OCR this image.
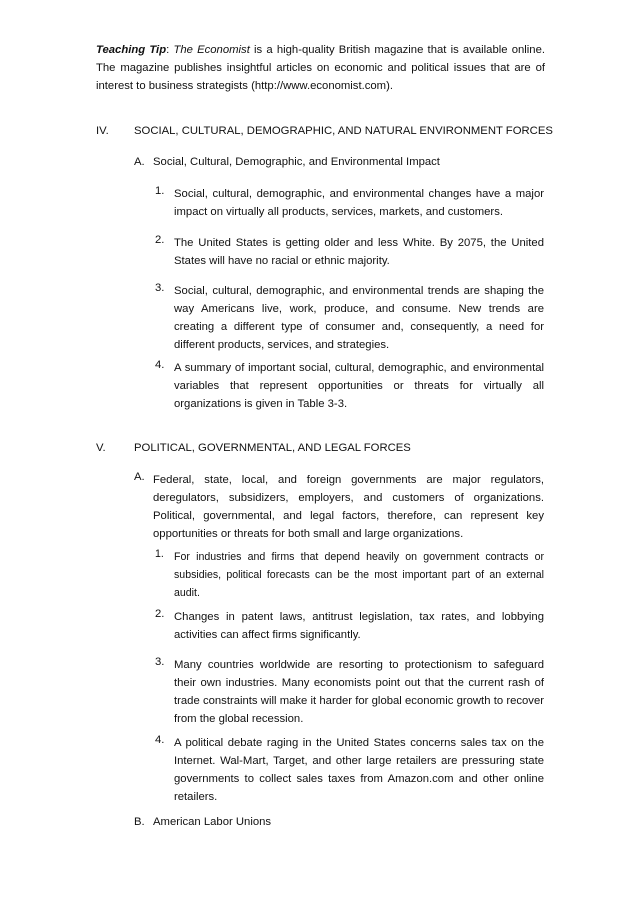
Teaching Tip: The Economist is a high-quality British magazine that is available online. The magazine publishes insightful articles on economic and political issues that are of interest to business strategists (http://www.economist.com).
IV. SOCIAL, CULTURAL, DEMOGRAPHIC, AND NATURAL ENVIRONMENT FORCES
A. Social, Cultural, Demographic, and Environmental Impact
1. Social, cultural, demographic, and environmental changes have a major impact on virtually all products, services, markets, and customers.
2. The United States is getting older and less White. By 2075, the United States will have no racial or ethnic majority.
3. Social, cultural, demographic, and environmental trends are shaping the way Americans live, work, produce, and consume. New trends are creating a different type of consumer and, consequently, a need for different products, services, and strategies.
4. A summary of important social, cultural, demographic, and environmental variables that represent opportunities or threats for virtually all organizations is given in Table 3-3.
V.	POLITICAL, GOVERNMENTAL, AND LEGAL FORCES
A. Federal, state, local, and foreign governments are major regulators, deregulators, subsidizers, employers, and customers of organizations. Political, governmental, and legal factors, therefore, can represent key opportunities or threats for both small and large organizations.
1. For industries and firms that depend heavily on government contracts or subsidies, political forecasts can be the most important part of an external audit.
2. Changes in patent laws, antitrust legislation, tax rates, and lobbying activities can affect firms significantly.
3. Many countries worldwide are resorting to protectionism to safeguard their own industries. Many economists point out that the current rash of trade constraints will make it harder for global economic growth to recover from the global recession.
4. A political debate raging in the United States concerns sales tax on the Internet. Wal-Mart, Target, and other large retailers are pressuring state governments to collect sales taxes from Amazon.com and other online retailers.
B. American Labor Unions
